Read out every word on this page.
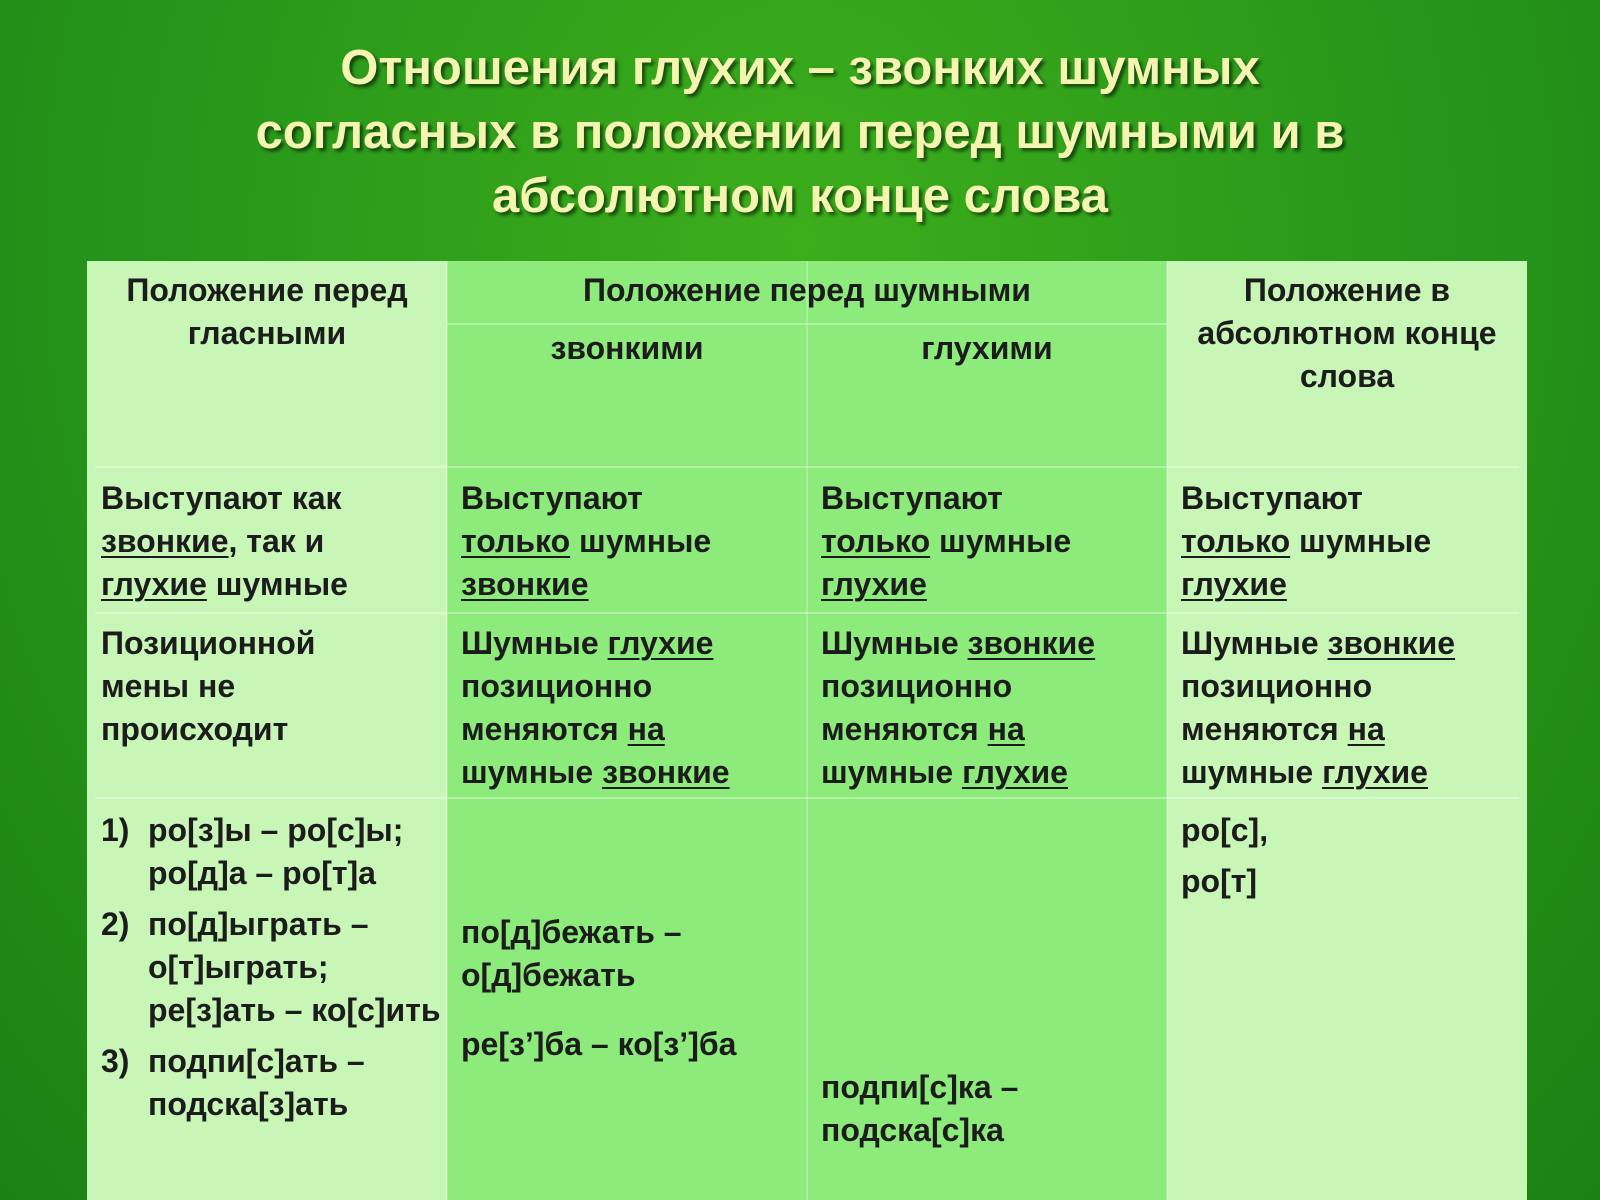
Отношения глухих – звонких шумных
согласных в положении перед шумными и в
абсолютном конце слова

Положение перед гласными

Положение перед шумными

звонкими	глухими

Положение в абсолютном конце слова

Выступают как
звонкие, так и
глухие шумные

Выступают
только шумные
звонкие

Выступают
только шумные
глухие

Выступают
только шумные
глухие

Позиционной мены не происходит

Шумные глухие
позиционно
меняются на
шумные звонкие

Шумные звонкие
позиционно
меняются на
шумные глухие

Шумные звонкие
позиционно
меняются на
шумные глухие

1) ро[з]ы – ро[с]ы; ро[д]а – ро[т]а
2) по[д]ыграть – о[т]ыграть; ре[з]ать – ко[с]ить
3) подпи[с]ать – подска[з]ать

по[д]бежать – о[д]бежать

ре[з’]ба – ко[з’]ба

подпи[с]ка – подска[с]ка

ро[с],
ро[т]
